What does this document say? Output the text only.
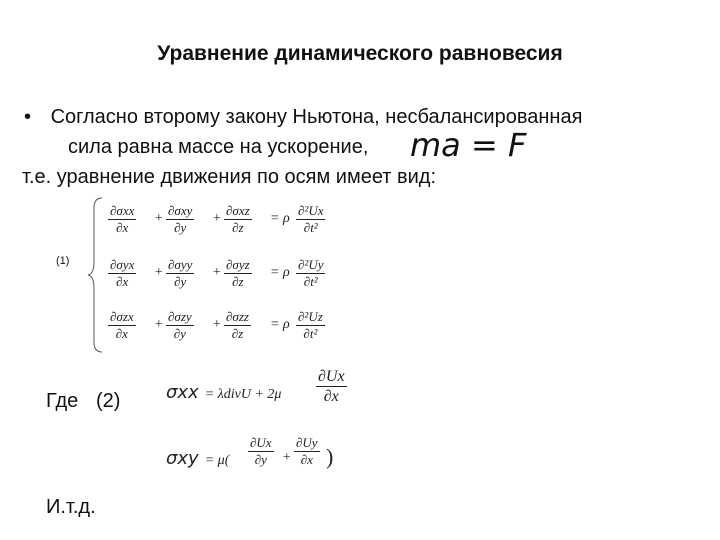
Уравнение динамического равновесия
• Согласно второму закону Ньютона, несбалансированная
сила равна массе на ускорение, ma = F
т.е. уравнение движения по осям имеет вид:
(1)
∂σxx
∂x
∂σxy
∂y
∂σxz
∂z
+	+	= ρ
∂²Ux
∂t²
∂σyx
∂x
∂σyy
∂y
∂σyz
∂z
+	+	= ρ
∂²Uy
∂t²
∂σzx
∂x
∂σzy
∂y
∂σzz
∂z
+	+	= ρ
∂²Uz
∂t²
Где (2)	σxx = λdivU + 2μ
∂Ux
∂x
σxy = μ(
∂Ux
∂y +
∂Uy
∂x )
И.т.д.
